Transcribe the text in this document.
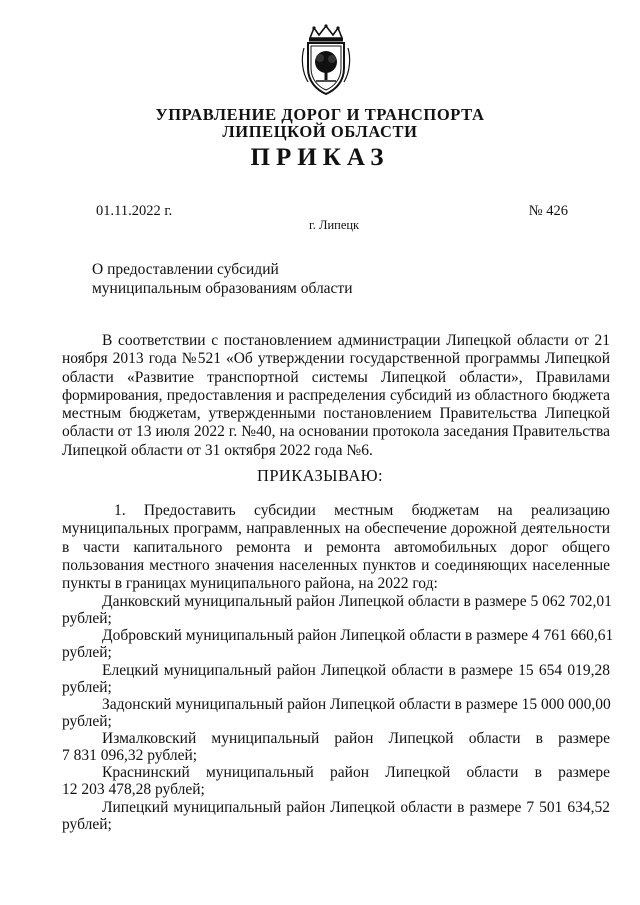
УПРАВЛЕНИЕ ДОРОГ И ТРАНСПОРТА
ЛИПЕЦКОЙ ОБЛАСТИ
ПРИКАЗ
01.11.2022 г.
г. Липецк
№ 426
О предоставлении субсидий
муниципальным образованиям области
В соответствии с постановлением администрации Липецкой области от 21 ноября 2013 года №521 «Об утверждении государственной программы Липецкой области «Развитие транспортной системы Липецкой области», Правилами формирования, предоставления и распределения субсидий из областного бюджета местным бюджетам, утвержденными постановлением Правительства Липецкой области от 13 июля 2022 г. №40, на основании протокола заседания Правительства Липецкой области от 31 октября 2022 года №6.
ПРИКАЗЫВАЮ:
1. Предоставить субсидии местным бюджетам на реализацию муниципальных программ, направленных на обеспечение дорожной деятельности в части капитального ремонта и ремонта автомобильных дорог общего пользования местного значения населенных пунктов и соединяющих населенные пункты в границах муниципального района, на 2022 год:
Данковский муниципальный район Липецкой области в размере 5 062 702,01
рублей;
Добровский муниципальный район Липецкой области в размере 4 761 660,61
рублей;
Елецкий муниципальный район Липецкой области в размере 15 654 019,28
рублей;
Задонский муниципальный район Липецкой области в размере 15 000 000,00
рублей;
Измалковский муниципальный район Липецкой области в размере
7 831 096,32 рублей;
Краснинский муниципальный район Липецкой области в размере
12 203 478,28 рублей;
Липецкий муниципальный район Липецкой области в размере 7 501 634,52
рублей;
